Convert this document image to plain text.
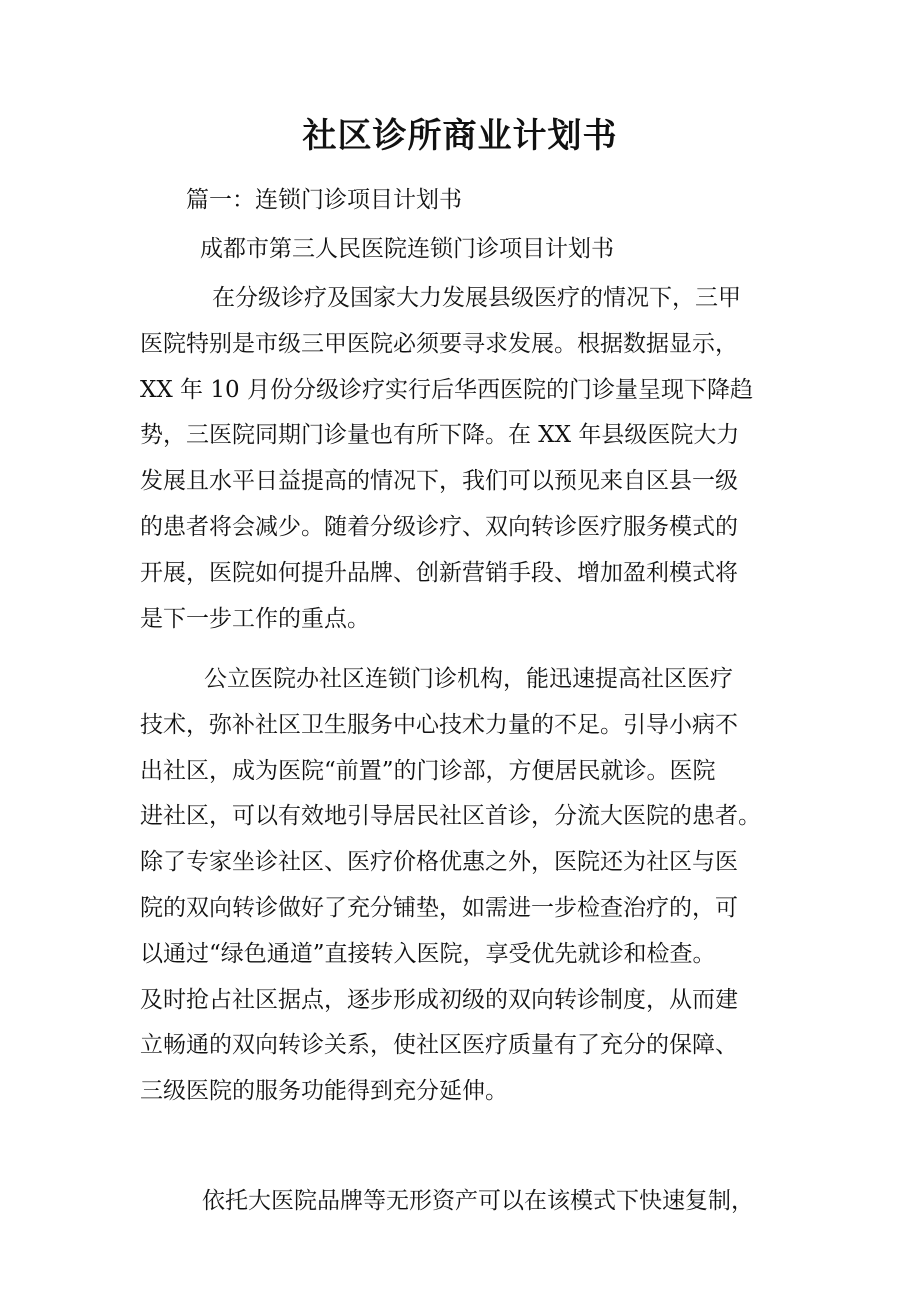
社区诊所商业计划书
篇一：连锁门诊项目计划书
成都市第三人民医院连锁门诊项目计划书
在分级诊疗及国家大力发展县级医疗的情况下，三甲
医院特别是市级三甲医院必须要寻求发展。根据数据显示，
XX 年 10 月份分级诊疗实行后华西医院的门诊量呈现下降趋
势，三医院同期门诊量也有所下降。在 XX 年县级医院大力
发展且水平日益提高的情况下，我们可以预见来自区县一级
的患者将会减少。随着分级诊疗、双向转诊医疗服务模式的
开展，医院如何提升品牌、创新营销手段、增加盈利模式将
是下一步工作的重点。
公立医院办社区连锁门诊机构，能迅速提高社区医疗
技术，弥补社区卫生服务中心技术力量的不足。引导小病不
出社区，成为医院“前置”的门诊部，方便居民就诊。医院
进社区，可以有效地引导居民社区首诊，分流大医院的患者。
除了专家坐诊社区、医疗价格优惠之外，医院还为社区与医
院的双向转诊做好了充分铺垫，如需进一步检查治疗的，可
以通过“绿色通道”直接转入医院，享受优先就诊和检查。
及时抢占社区据点，逐步形成初级的双向转诊制度，从而建
立畅通的双向转诊关系，使社区医疗质量有了充分的保障、
三级医院的服务功能得到充分延伸。
依托大医院品牌等无形资产可以在该模式下快速复制，
